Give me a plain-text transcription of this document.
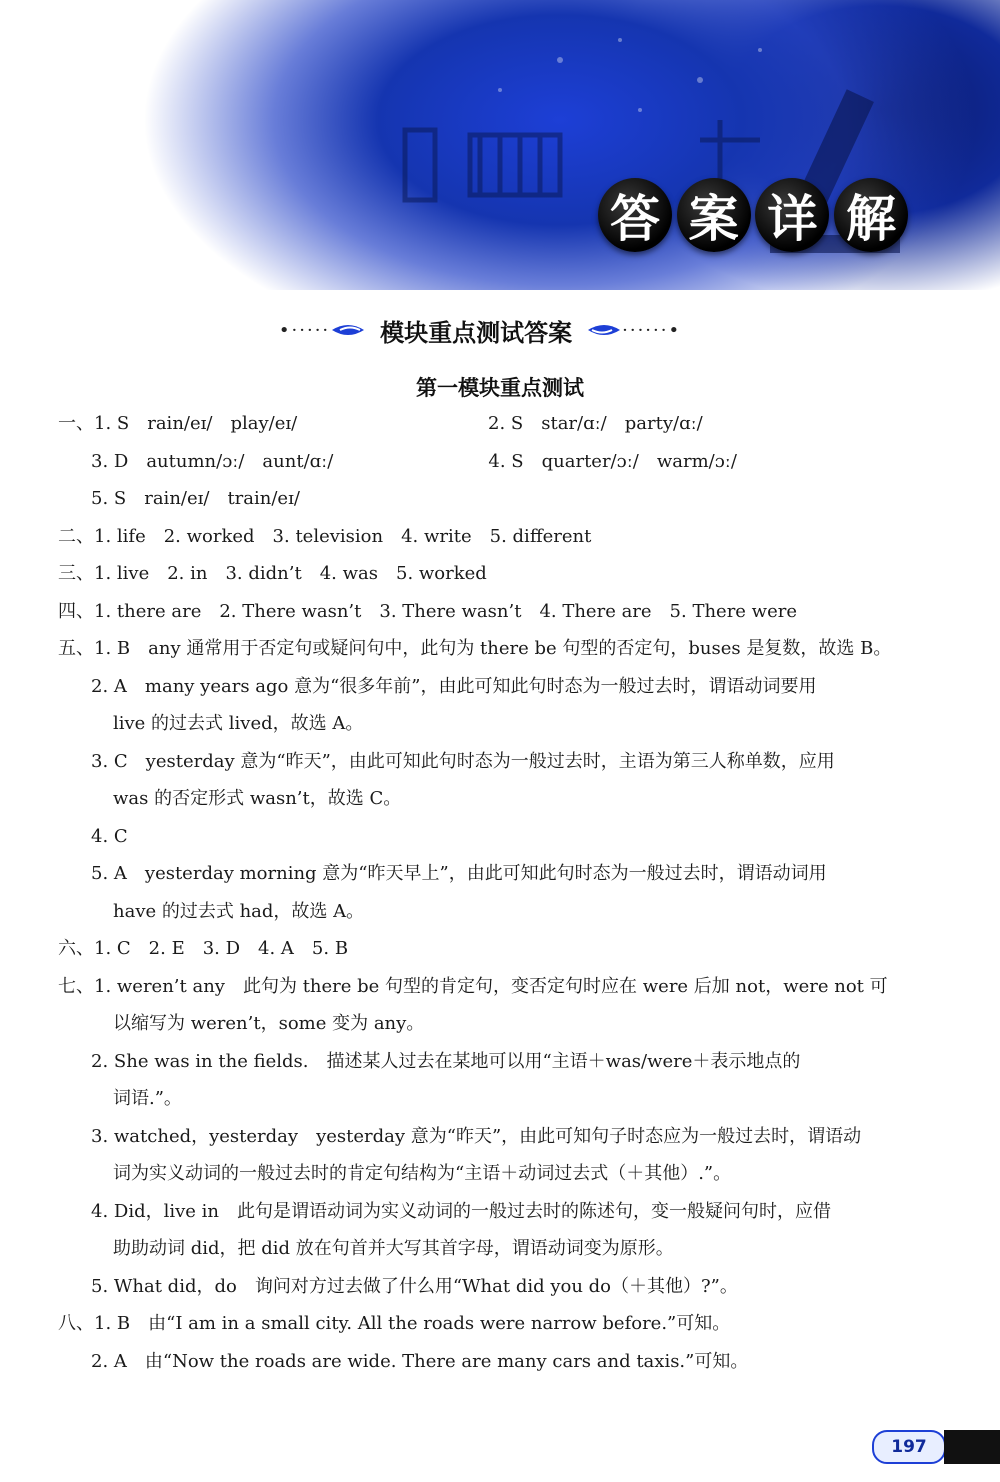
答 案 详 解
•····· 模块重点测试答案	······•
第一模块重点测试
一、1. S　rain/eɪ/　play/eɪ/	2. S　star/ɑː/　party/ɑː/
3. D　autumn/ɔː/　aunt/ɑː/	4. S　quarter/ɔː/　warm/ɔː/
5. S　rain/eɪ/　train/eɪ/
二、1. life　2. worked　3. television　4. write　5. different
三、1. live　2. in　3. didn’t　4. was　5. worked
四、1. there are　2. There wasn’t　3. There wasn’t　4. There are　5. There were
五、1. B　any 通常用于否定句或疑问句中，此句为 there be 句型的否定句，buses 是复数，故选 B。
2. A　many years ago 意为“很多年前”，由此可知此句时态为一般过去时，谓语动词要用
live 的过去式 lived，故选 A。
3. C　yesterday 意为“昨天”，由此可知此句时态为一般过去时，主语为第三人称单数，应用
was 的否定形式 wasn’t，故选 C。
4. C
5. A　yesterday morning 意为“昨天早上”，由此可知此句时态为一般过去时，谓语动词用
have 的过去式 had，故选 A。
六、1. C　2. E　3. D　4. A　5. B
七、1. weren’t any　此句为 there be 句型的肯定句，变否定句时应在 were 后加 not，were not 可
以缩写为 weren’t，some 变为 any。
2. She was in the fields.　描述某人过去在某地可以用“主语＋was/were＋表示地点的
词语.”。
3. watched，yesterday　yesterday 意为“昨天”，由此可知句子时态应为一般过去时，谓语动
词为实义动词的一般过去时的肯定句结构为“主语＋动词过去式（＋其他）.”。
4. Did，live in　此句是谓语动词为实义动词的一般过去时的陈述句，变一般疑问句时，应借
助助动词 did，把 did 放在句首并大写其首字母，谓语动词变为原形。
5. What did，do　询问对方过去做了什么用“What did you do（＋其他）?”。
八、1. B　由“I am in a small city. All the roads were narrow before.”可知。
2. A　由“Now the roads are wide. There are many cars and taxis.”可知。
197
